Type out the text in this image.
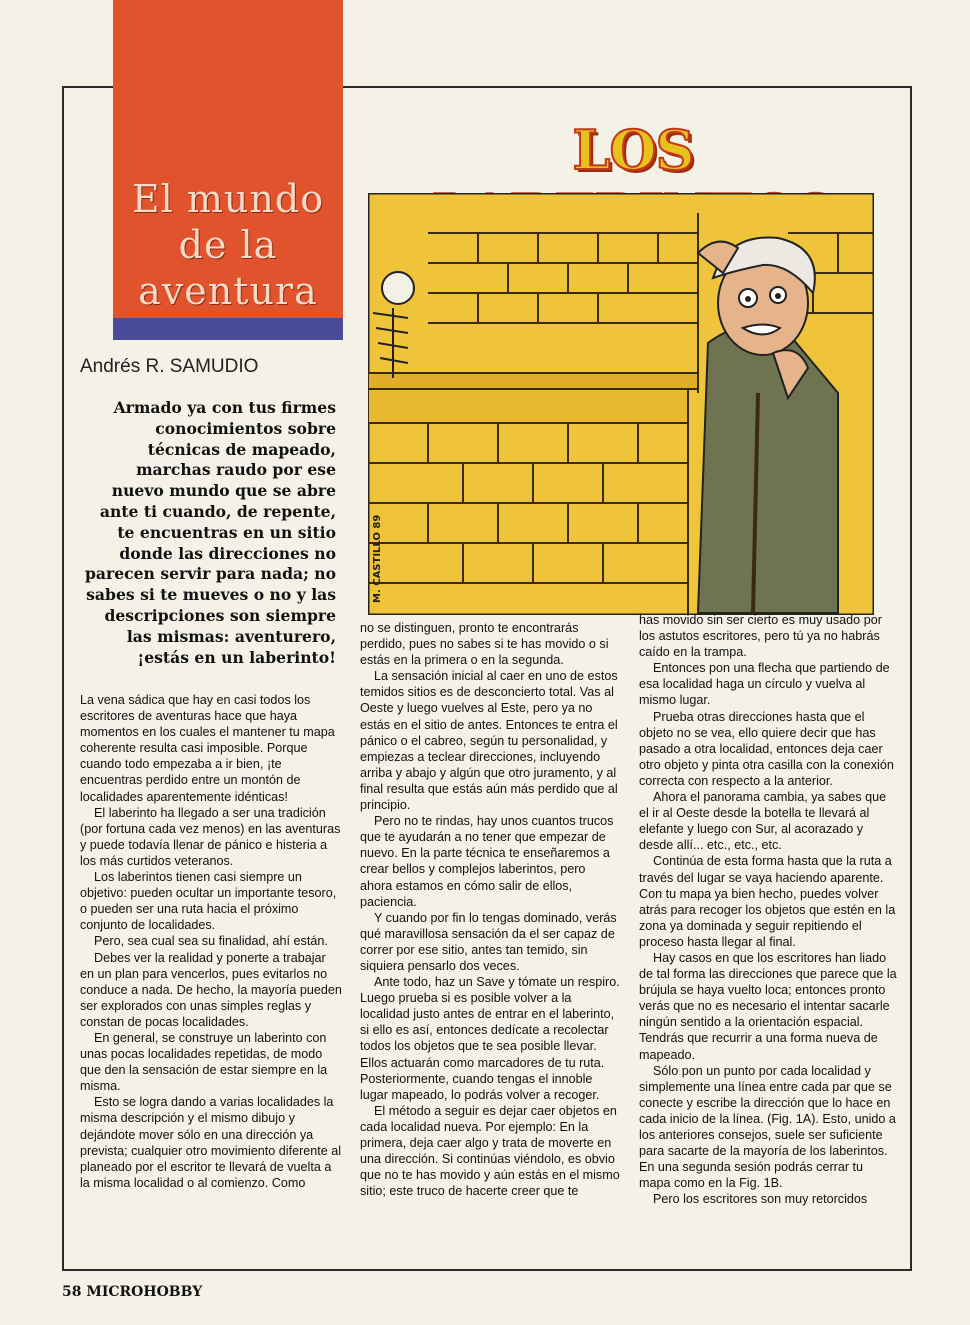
El mundo de la aventura
LOS
M. CASTILLO 89
Andrés R. SAMUDIO

Armado ya con tus firmes conocimientos sobre técnicas de mapeado, marchas raudo por ese nuevo mundo que se abre ante ti cuando, de repente, te encuentras en un sitio donde las direcciones no parecen servir para nada; no sabes si te mueves o no y las descripciones son siempre las mismas: aventurero, ¡estás en un laberinto!

La vena sádica que hay en casi todos los escritores de aventuras hace que haya momentos en los cuales el mantener tu mapa coherente resulta casi imposible. Porque cuando todo empezaba a ir bien, ¡te encuentras perdido entre un montón de localidades aparentemente idénticas!

El laberinto ha llegado a ser una tradición (por fortuna cada vez menos) en las aventuras y puede todavía llenar de pánico e histeria a los más curtidos veteranos.

Los laberintos tienen casi siempre un objetivo: pueden ocultar un importante tesoro, o pueden ser una ruta hacia el próximo conjunto de localidades.

Pero, sea cual sea su finalidad, ahí están.

Debes ver la realidad y ponerte a trabajar en un plan para vencerlos, pues evitarlos no conduce a nada. De hecho, la mayoría pueden ser explorados con unas simples reglas y constan de pocas localidades.

En general, se construye un laberinto con unas pocas localidades repetidas, de modo que den la sensación de estar siempre en la misma.

Esto se logra dando a varias localidades la misma descripción y el mismo dibujo y dejándote mover sólo en una dirección ya prevista; cualquier otro movimiento diferente al planeado por el escritor te llevará de vuelta a la misma localidad o al comienzo. Como

no se distinguen, pronto te encontrarás perdido, pues no sabes si te has movido o si estás en la primera o en la segunda.

La sensación inicial al caer en uno de estos temidos sitios es de desconcierto total. Vas al Oeste y luego vuelves al Este, pero ya no estás en el sitio de antes. Entonces te entra el pánico o el cabreo, según tu personalidad, y empiezas a teclear direcciones, incluyendo arriba y abajo y algún que otro juramento, y al final resulta que estás aún más perdido que al principio.

Pero no te rindas, hay unos cuantos trucos que te ayudarán a no tener que empezar de nuevo. En la parte técnica te enseñaremos a crear bellos y complejos laberintos, pero ahora estamos en cómo salir de ellos, paciencia.

Y cuando por fin lo tengas dominado, verás qué maravillosa sensación da el ser capaz de correr por ese sitio, antes tan temido, sin siquiera pensarlo dos veces.

Ante todo, haz un Save y tómate un respiro. Luego prueba si es posible volver a la localidad justo antes de entrar en el laberinto, si ello es así, entonces dedícate a recolectar todos los objetos que te sea posible llevar. Ellos actuarán como marcadores de tu ruta. Posteriormente, cuando tengas el innoble lugar mapeado, lo podrás volver a recoger.

El método a seguir es dejar caer objetos en cada localidad nueva. Por ejemplo: En la primera, deja caer algo y trata de moverte en una dirección. Si continúas viéndolo, es obvio que no te has movido y aún estás en el mismo sitio; este truco de hacerte creer que te

has movido sin ser cierto es muy usado por los astutos escritores, pero tú ya no habrás caído en la trampa.

Entonces pon una flecha que partiendo de esa localidad haga un círculo y vuelva al mismo lugar.

Prueba otras direcciones hasta que el objeto no se vea, ello quiere decir que has pasado a otra localidad, entonces deja caer otro objeto y pinta otra casilla con la conexión correcta con respecto a la anterior.

Ahora el panorama cambia, ya sabes que el ir al Oeste desde la botella te llevará al elefante y luego con Sur, al acorazado y desde allí... etc., etc., etc.

Continúa de esta forma hasta que la ruta a través del lugar se vaya haciendo aparente. Con tu mapa ya bien hecho, puedes volver atrás para recoger los objetos que estén en la zona ya dominada y seguir repitiendo el proceso hasta llegar al final.

Hay casos en que los escritores han liado de tal forma las direcciones que parece que la brújula se haya vuelto loca; entonces pronto verás que no es necesario el intentar sacarle ningún sentido a la orientación espacial. Tendrás que recurrir a una forma nueva de mapeado.

Sólo pon un punto por cada localidad y simplemente una línea entre cada par que se conecte y escribe la dirección que lo hace en cada inicio de la línea. (Fig. 1A). Esto, unido a los anteriores consejos, suele ser suficiente para sacarte de la mayoría de los laberintos. En una segunda sesión podrás cerrar tu mapa como en la Fig. 1B.

Pero los escritores son muy retorcidos

58 MICROHOBBY
